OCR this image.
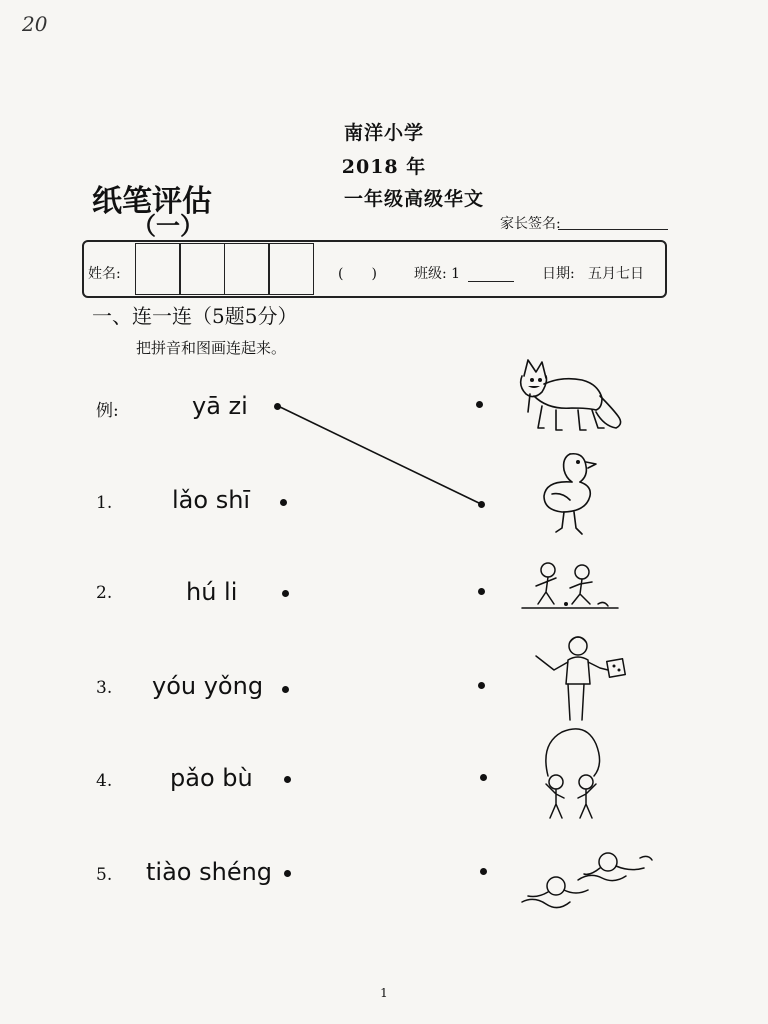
20
南洋小学
2018 年
一年级高级华文
纸笔评估
（一）	家长签名:
姓名:	(　　)	班级: 1	日期: 五月七日
一、连一连（5题5分）
把拼音和图画连起来。
例:	yā zi
1. lǎo shī
2.	hú li
3. yóu yǒng
4. pǎo bù
5. tiào shéng
1
